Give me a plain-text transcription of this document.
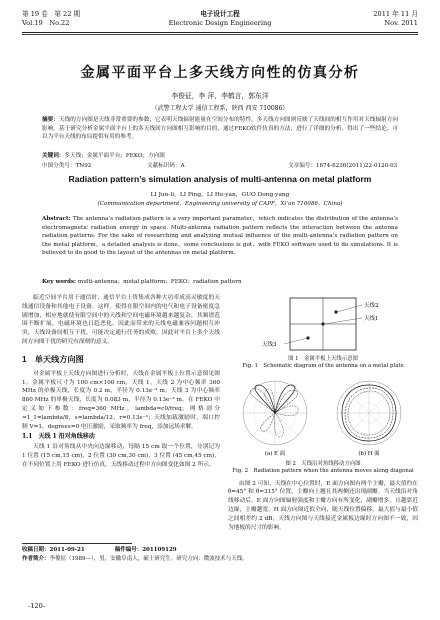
第 19 卷　第 22 期
Vol.19　No.22
电子设计工程
Electronic Design Engineering
2011 年 11 月
Nov. 2011
金属平面平台上多天线方向性的仿真分析
李俊征，李 萍，李鹤言，郭东洋
（武警工程大学 通信工程系，陕西 西安 710086）
摘要：天线的方向图是天线非常重要的参数，它表明天线辐射能量在空间分布的特性。多天线方向图则反映了天线间的相互作用对天线辐射方向影响。基于研究分析金属平面平台上的多天线间方向图相互影响的目的，通过FEKO软件仿真的方法，进行了详细的分析，得出了一些结论，可以为平台天线的布局提供有用的参考。
关键词：多天线；金属平面平台；FEKO；方向图
中图分类号：TN92	文献标识码：A	文章编号：1674-6236(2011)22-0120-03
Radiation pattern’s simulation analysis of multi-antenna on metal platform
LI Jun-li，LI Ping，LI He-yan，GUO Dong-yang
(Communication department，Engineering university of CAPF，Xi’an 710086，China)
Abstract: The antenna’s radiation pattern is a very important parameter，which indicates the distribution of the antenna’s electromagnetic radiation energy in space. Multi-antenna radiation pattern reflects the interaction between the antenna radiation patterns. For the sake of researching and analyzing mutual influence of the multi-antenna’s radiation pattern on the metal platform，a detailed analysis is done，some conclusions is got，with FEKO software used to do simulations. It is believed to do good to the layout of the antennas on metal platform.
Key words: multi-antenna；metal platform；FEKO；radiation pattern

临近空间平台用于通信时，通信平台上将集成各种大功率成高灵敏度的天线通信设备和其他电子设备。这样，使得在限空间内的电气和电子设备密度急剧增加，相应地就使有限空间中的天线和空间电磁环境越来越复杂，其频谱范围不断扩展，电磁环境也日趋恶化。因此而带来的天线电磁兼容问题相互冲突，天线设备间相互干扰，可能决定通行任务的成败。因此对平台上多个天线间方向图干扰的研究有深刻的意义。

1　单天线方向图

对金属平板上天线方向图进行分析时，天线在金属平板上位置示意图见图 1。金属平板尺寸为 100 cm×100 cm，天线 1，天线 2 为中心频率 360 MHz 的单极天线，长度为 0.2 m，半径为 0.13e⁻³ m；天线 3 为中心频率 860 MHz 的单极天线，长度为 0.083 m，半径为 0.13e⁻³ m。在 FEKO 中定义如下参数：freq=360 MHz，lambda=c0/freq；网格剖分 ≈1_1=lambda/8，s=lambda/12，r=0.13e⁻³；天线加载激励时，端口控制 V=1，degrees=0 电压激励，采取频率为 freq，添加远场求解。

1.1　天线 1 沿对角线移动

天线 1 沿对角线从中央向边缘移动，每隔 15 cm 取一个位置，分别记为 1 位置 (15 cm,15 cm)，2 位置 (30 cm,30 cm)，3 位置 (45 cm,45 cm)，在不同位置上用 FEKO 进行仿真，天线移动过程中方向图变化如图 2 所示。

天线1
天线2
天线3
图 1　金属平板上天线示意图
Fig. 1　Schematic diagram of the antenna on a metal plate
(a) E 面	(b) H 面
图 2　天线沿对角线移动方向图
Fig. 2　Radiation pattern when the antenna moves along diagonal

由图 2 可知，天线在中心位置时，E 面方向图有两个主瓣，最大值约在 θ=45° 和 θ=315° 位置，主瓣向上翘且其两侧还出现副瓣。当天线沿对角线移动后，E 面方向图辐射强度和主瓣方向有所变化，副瓣增多，且越靠近边缘，主瓣越宽。H 面方向图近似全向，随天线位置偏移，最大值与最小值之间相差约 2 dB，天线方向图与天线接近金属板边缘时方向图不一致，因为地板的尺寸的影响。

收稿日期：2011-09-21	稿件编号：201109129
作者简介：李俊征（1989—），男，安徽阜南人，硕士研究生。研究方向：微波技术与天线。
-120-
